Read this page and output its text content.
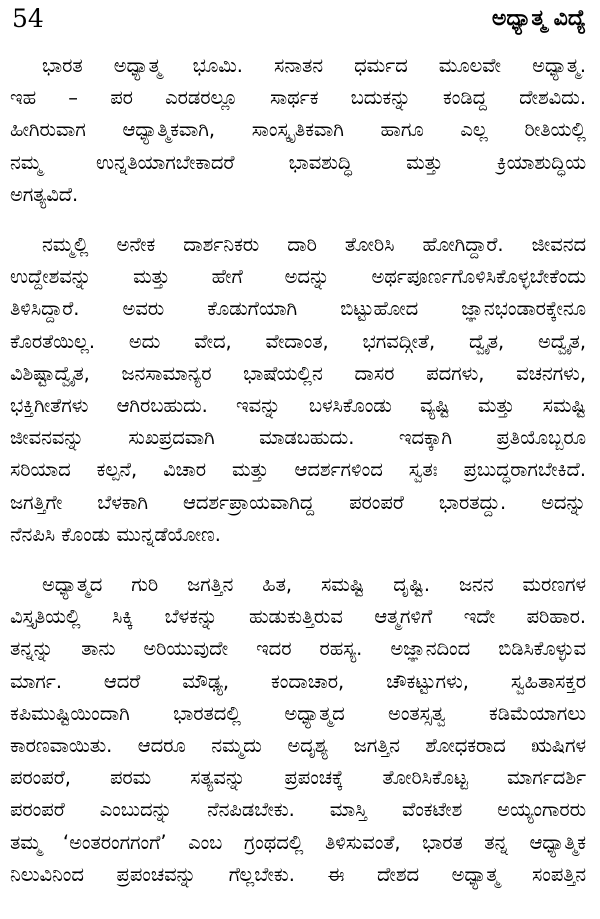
54	ಅಧ್ಯಾತ್ಮ ವಿದ್ಯೆ
ಭಾರತ ಅಧ್ಯಾತ್ಮ ಭೂಮಿ. ಸನಾತನ ಧರ್ಮದ ಮೂಲವೇ ಅಧ್ಯಾತ್ಮ.
ಇಹ – ಪರ ಎರಡರಲ್ಲೂ ಸಾರ್ಥಕ ಬದುಕನ್ನು ಕಂಡಿದ್ದ ದೇಶವಿದು.
ಹೀಗಿರುವಾಗ ಆಧ್ಯಾತ್ಮಿಕವಾಗಿ, ಸಾಂಸ್ಕೃತಿಕವಾಗಿ ಹಾಗೂ ಎಲ್ಲ ರೀತಿಯಲ್ಲಿ
ನಮ್ಮ ಉನ್ನತಿಯಾಗಬೇಕಾದರೆ ಭಾವಶುದ್ಧಿ ಮತ್ತು ಕ್ರಿಯಾಶುದ್ಧಿಯ
ಅಗತ್ಯವಿದೆ.
ನಮ್ಮಲ್ಲಿ ಅನೇಕ ದಾರ್ಶನಿಕರು ದಾರಿ ತೋರಿಸಿ ಹೋಗಿದ್ದಾರೆ. ಜೀವನದ
ಉದ್ದೇಶವನ್ನು ಮತ್ತು ಹೇಗೆ ಅದನ್ನು ಅರ್ಥಪೂರ್ಣಗೊಳಿಸಿಕೊಳ್ಳಬೇಕೆಂದು
ತಿಳಿಸಿದ್ದಾರೆ. ಅವರು ಕೊಡುಗೆಯಾಗಿ ಬಿಟ್ಟುಹೋದ ಜ್ಞಾನಭಂಡಾರಕ್ಕೇನೂ
ಕೊರತೆಯಿಲ್ಲ. ಅದು ವೇದ, ವೇದಾಂತ, ಭಗವದ್ಗೀತೆ, ದ್ವೈತ, ಅದ್ವೈತ,
ವಿಶಿಷ್ಟಾದ್ವೈತ, ಜನಸಾಮಾನ್ಯರ ಭಾಷೆಯಲ್ಲಿನ ದಾಸರ ಪದಗಳು, ವಚನಗಳು,
ಭಕ್ತಿಗೀತೆಗಳು ಆಗಿರಬಹುದು. ಇವನ್ನು ಬಳಸಿಕೊಂಡು ವ್ಯಷ್ಟಿ ಮತ್ತು ಸಮಷ್ಟಿ
ಜೀವನವನ್ನು ಸುಖಪ್ರದವಾಗಿ ಮಾಡಬಹುದು. ಇದಕ್ಕಾಗಿ ಪ್ರತಿಯೊಬ್ಬರೂ
ಸರಿಯಾದ ಕಲ್ಪನೆ, ವಿಚಾರ ಮತ್ತು ಆದರ್ಶಗಳಿಂದ ಸ್ವತಃ ಪ್ರಬುದ್ಧರಾಗಬೇಕಿದೆ.
ಜಗತ್ತಿಗೇ ಬೆಳಕಾಗಿ ಆದರ್ಶಪ್ರಾಯವಾಗಿದ್ದ ಪರಂಪರೆ ಭಾರತದ್ದು. ಅದನ್ನು
ನೆನಪಿಸಿ ಕೊಂಡು ಮುನ್ನಡೆಯೋಣ.
ಅಧ್ಯಾತ್ಮದ ಗುರಿ ಜಗತ್ತಿನ ಹಿತ, ಸಮಷ್ಟಿ ದೃಷ್ಟಿ. ಜನನ ಮರಣಗಳ
ವಿಸ್ತೃತಿಯಲ್ಲಿ ಸಿಕ್ಕಿ ಬೆಳಕನ್ನು ಹುಡುಕುತ್ತಿರುವ ಆತ್ಮಗಳಿಗೆ ಇದೇ ಪರಿಹಾರ.
ತನ್ನನ್ನು ತಾನು ಅರಿಯುವುದೇ ಇದರ ರಹಸ್ಯ. ಅಜ್ಞಾನದಿಂದ ಬಿಡಿಸಿಕೊಳ್ಳುವ
ಮಾರ್ಗ. ಆದರೆ ಮೌಢ್ಯ, ಕಂದಾಚಾರ, ಚೌಕಟ್ಟುಗಳು, ಸ್ವಹಿತಾಸಕ್ತರ
ಕಪಿಮುಷ್ಟಿಯಿಂದಾಗಿ ಭಾರತದಲ್ಲಿ ಅಧ್ಯಾತ್ಮದ ಅಂತಸ್ಸತ್ವ ಕಡಿಮೆಯಾಗಲು
ಕಾರಣವಾಯಿತು. ಆದರೂ ನಮ್ಮದು ಅದೃಶ್ಯ ಜಗತ್ತಿನ ಶೋಧಕರಾದ ಋಷಿಗಳ
ಪರಂಪರೆ, ಪರಮ ಸತ್ಯವನ್ನು ಪ್ರಪಂಚಕ್ಕೆ ತೋರಿಸಿಕೊಟ್ಟ ಮಾರ್ಗದರ್ಶಿ
ಪರಂಪರೆ ಎಂಬುದನ್ನು ನೆನಪಿಡಬೇಕು. ಮಾಸ್ತಿ ವೆಂಕಟೇಶ ಅಯ್ಯಂಗಾರರು
ತಮ್ಮ ‘ಅಂತರಂಗಗಂಗೆ’ ಎಂಬ ಗ್ರಂಥದಲ್ಲಿ ತಿಳಿಸುವಂತೆ, ಭಾರತ ತನ್ನ ಆಧ್ಯಾತ್ಮಿಕ
ನಿಲುವಿನಿಂದ ಪ್ರಪಂಚವನ್ನು ಗೆಲ್ಲಬೇಕು. ಈ ದೇಶದ ಅಧ್ಯಾತ್ಮ ಸಂಪತ್ತಿನ
